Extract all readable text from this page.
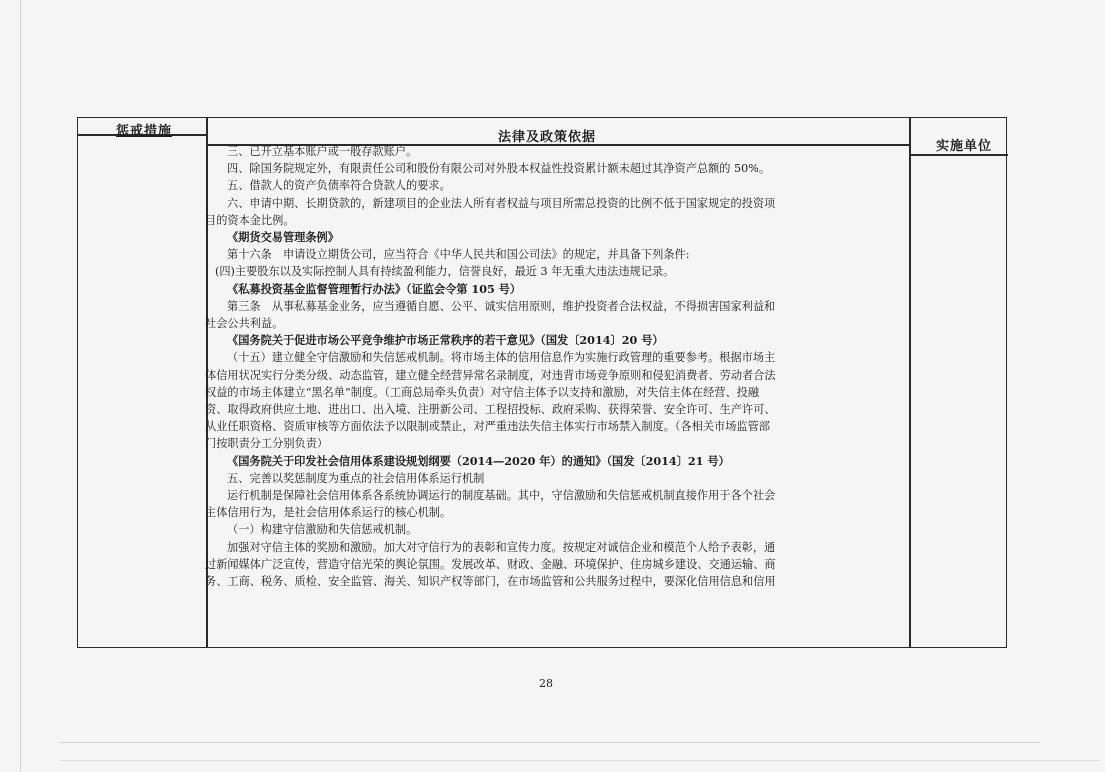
惩戒措施	法律及政策依据
实施单位

三、已开立基本账户或一般存款账户。

四、除国务院规定外，有限责任公司和股份有限公司对外股本权益性投资累计额未超过其净资产总额的 50%。

五、借款人的资产负债率符合贷款人的要求。

六、申请中期、长期贷款的，新建项目的企业法人所有者权益与项目所需总投资的比例不低于国家规定的投资项

目的资本金比例。

《期货交易管理条例》

第十六条　申请设立期货公司，应当符合《中华人民共和国公司法》的规定，并具备下列条件:

(四)主要股东以及实际控制人具有持续盈利能力，信誉良好，最近 3 年无重大违法违规记录。

《私募投资基金监督管理暂行办法》（证监会令第 105 号）

第三条　从事私募基金业务，应当遵循自愿、公平、诚实信用原则，维护投资者合法权益，不得损害国家利益和

社会公共利益。

《国务院关于促进市场公平竞争维护市场正常秩序的若干意见》（国发〔2014〕20 号）

（十五）建立健全守信激励和失信惩戒机制。将市场主体的信用信息作为实施行政管理的重要参考。根据市场主

体信用状况实行分类分级、动态监管，建立健全经营异常名录制度，对违背市场竞争原则和侵犯消费者、劳动者合法

权益的市场主体建立“黑名单”制度。（工商总局牵头负责）对守信主体予以支持和激励，对失信主体在经营、投融

资、取得政府供应土地、进出口、出入境、注册新公司、工程招投标、政府采购、获得荣誉、安全许可、生产许可、

从业任职资格、资质审核等方面依法予以限制或禁止，对严重违法失信主体实行市场禁入制度。（各相关市场监管部

门按职责分工分别负责）

《国务院关于印发社会信用体系建设规划纲要（2014—2020 年）的通知》（国发〔2014〕21 号）

五、完善以奖惩制度为重点的社会信用体系运行机制

运行机制是保障社会信用体系各系统协调运行的制度基础。其中，守信激励和失信惩戒机制直接作用于各个社会

主体信用行为，是社会信用体系运行的核心机制。

（一）构建守信激励和失信惩戒机制。

加强对守信主体的奖励和激励。加大对守信行为的表彰和宣传力度。按规定对诚信企业和模范个人给予表彰，通

过新闻媒体广泛宣传，营造守信光荣的舆论氛围。发展改革、财政、金融、环境保护、住房城乡建设、交通运输、商

务、工商、税务、质检、安全监管、海关、知识产权等部门，在市场监管和公共服务过程中，要深化信用信息和信用

28
